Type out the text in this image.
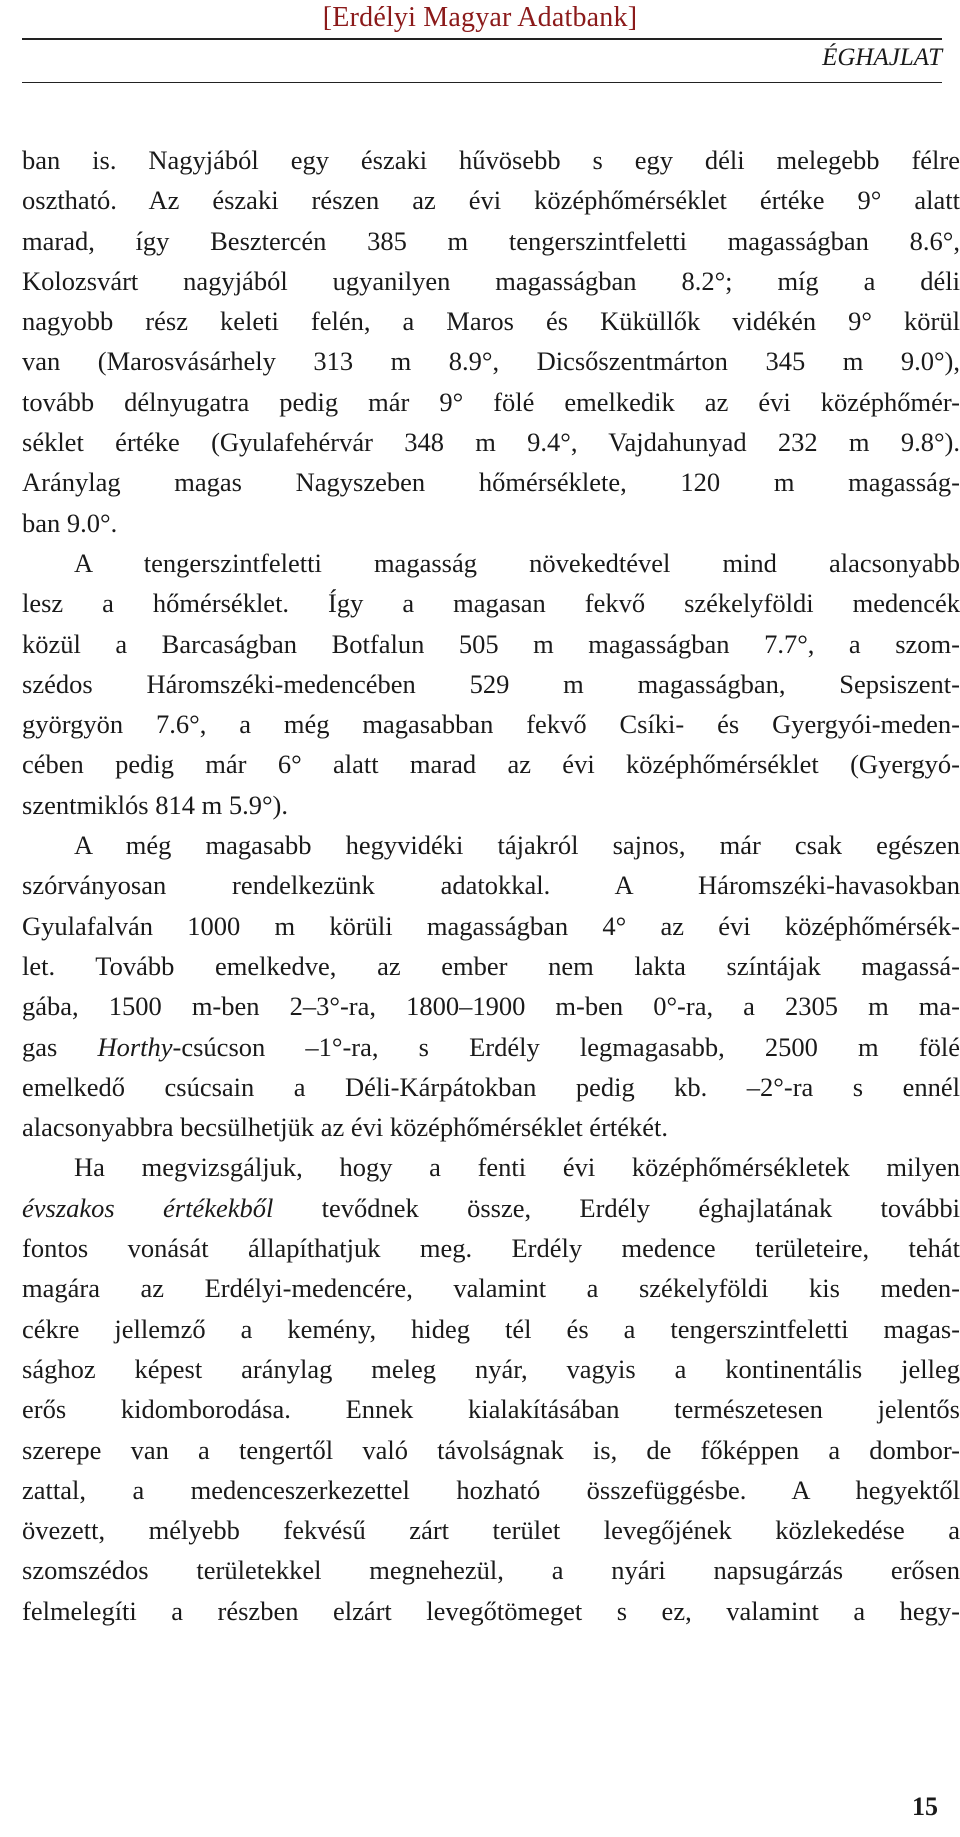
[Erdélyi Magyar Adatbank]
ÉGHAJLAT
ban is. Nagyjából egy északi hűvösebb s egy déli melegebb félre
osztható. Az északi részen az évi középhőmérséklet értéke 9° alatt
marad, így Besztercén 385 m tengerszintfeletti magasságban 8.6°,
Kolozsvárt nagyjából ugyanilyen magasságban 8.2°; míg a déli
nagyobb rész keleti felén, a Maros és Küküllők vidékén 9° körül
van (Marosvásárhely 313 m 8.9°, Dicsőszentmárton 345 m 9.0°),
tovább délnyugatra pedig már 9° fölé emelkedik az évi középhőmér-
séklet értéke (Gyulafehérvár 348 m 9.4°, Vajdahunyad 232 m 9.8°).
Aránylag magas Nagyszeben hőmérséklete, 120 m magasság-
ban 9.0°.
A tengerszintfeletti magasság növekedtével mind alacsonyabb
lesz a hőmérséklet. Így a magasan fekvő székelyföldi medencék
közül a Barcaságban Botfalun 505 m magasságban 7.7°, a szom-
szédos Háromszéki-medencében 529 m magasságban, Sepsiszent-
györgyön 7.6°, a még magasabban fekvő Csíki- és Gyergyói-meden-
cében pedig már 6° alatt marad az évi középhőmérséklet (Gyergyó-
szentmiklós 814 m 5.9°).
A még magasabb hegyvidéki tájakról sajnos, már csak egészen
szórványosan rendelkezünk adatokkal. A Háromszéki-havasokban
Gyulafalván 1000 m körüli magasságban 4° az évi középhőmérsék-
let. Tovább emelkedve, az ember nem lakta színtájak magassá-
gába, 1500 m-ben 2–3°-ra, 1800–1900 m-ben 0°-ra, a 2305 m ma-
gas Horthy-csúcson –1°-ra, s Erdély legmagasabb, 2500 m fölé
emelkedő csúcsain a Déli-Kárpátokban pedig kb. –2°-ra s ennél
alacsonyabbra becsülhetjük az évi középhőmérséklet értékét.
Ha megvizsgáljuk, hogy a fenti évi középhőmérsékletek milyen
évszakos értékekből tevődnek össze, Erdély éghajlatának további
fontos vonását állapíthatjuk meg. Erdély medence területeire, tehát
magára az Erdélyi-medencére, valamint a székelyföldi kis meden-
cékre jellemző a kemény, hideg tél és a tengerszintfeletti magas-
sághoz képest aránylag meleg nyár, vagyis a kontinentális jelleg
erős kidomborodása. Ennek kialakításában természetesen jelentős
szerepe van a tengertől való távolságnak is, de főképpen a dombor-
zattal, a medenceszerkezettel hozható összefüggésbe. A hegyektől
övezett, mélyebb fekvésű zárt terület levegőjének közlekedése a
szomszédos területekkel megnehezül, a nyári napsugárzás erősen
felmelegíti a részben elzárt levegőtömeget s ez, valamint a hegy-
15
